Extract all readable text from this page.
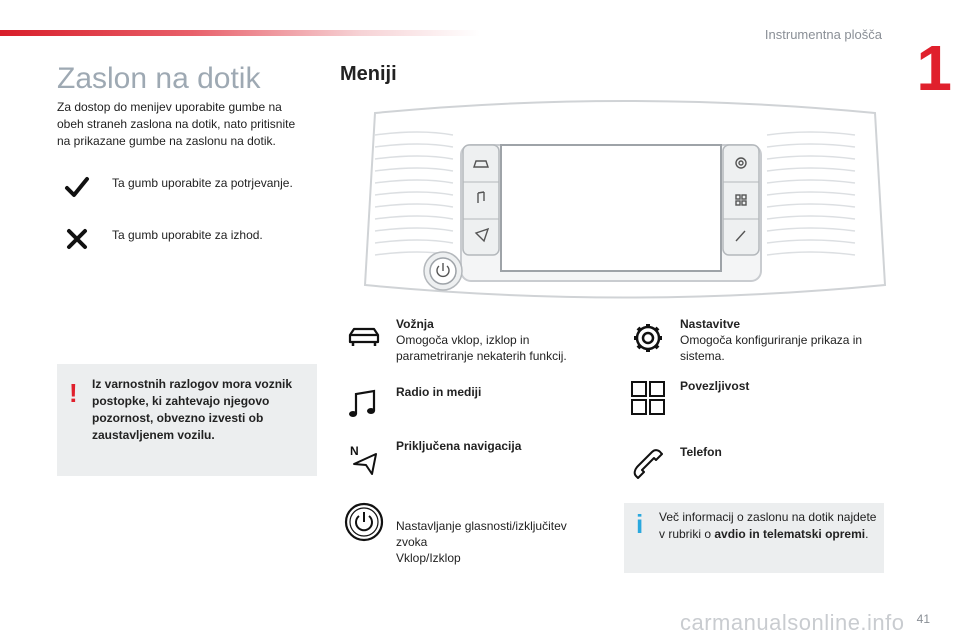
Instrumentna plošča 1
Zaslon na dotik

Za dostop do menijev uporabite gumbe na obeh straneh zaslona na dotik, nato pritisnite na prikazane gumbe na zaslonu na dotik.

Ta gumb uporabite za potrjevanje.
Ta gumb uporabite za izhod.
! Iz varnostnih razlogov mora voznik postopke, ki zahtevajo njegovo pozornost, obvezno izvesti ob zaustavljenem vozilu.

Meniji
Vožnja
Omogoča vklop, izklop in parametriranje nekaterih funkcij.
Radio in mediji
N	Priključena navigacija

Nastavljanje glasnosti/izključitev zvoka
Vklop/Izklop

Nastavitve
Omogoča konfiguriranje prikaza in sistema.
Povezljivost
Telefon
i Več informacij o zaslonu na dotik najdete v rubriki o avdio in telematski opremi.

carmanualsonline.info 41
